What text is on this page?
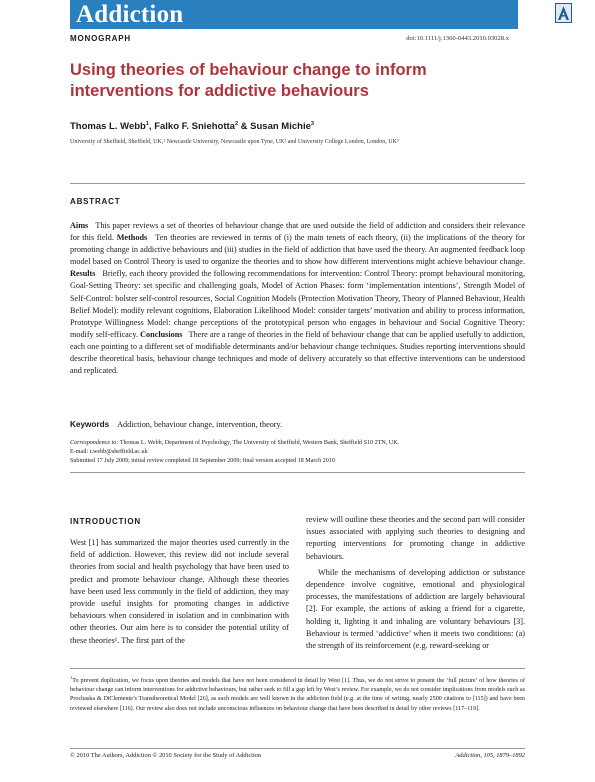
Addiction
MONOGRAPH	doi:10.1111/j.1360-0443.2010.03028.x
Using theories of behaviour change to inform interventions for addictive behaviours
Thomas L. Webb$^1$, Falko F. Sniehotta$^2$ & Susan Michie$^3$
University of Sheffield, Sheffield, UK,¹ Newcastle University, Newcastle upon Tyne, UK² and University College London, London, UK³
ABSTRACT

Aims This paper reviews a set of theories of behaviour change that are used outside the field of addiction and considers their relevance for this field. Methods Ten theories are reviewed in terms of (i) the main tenets of each theory, (ii) the implications of the theory for promoting change in addictive behaviours and (iii) studies in the field of addiction that have used the theory. An augmented feedback loop model based on Control Theory is used to organize the theories and to show how different interventions might achieve behaviour change. Results Briefly, each theory provided the following recommendations for intervention: Control Theory: prompt behavioural monitoring, Goal-Setting Theory: set specific and challenging goals, Model of Action Phases: form ‘implementation intentions’, Strength Model of Self-Control: bolster self-control resources, Social Cognition Models (Protection Motivation Theory, Theory of Planned Behaviour, Health Belief Model): modify relevant cognitions, Elaboration Likelihood Model: consider targets’ motivation and ability to process information, Prototype Willingness Model: change perceptions of the prototypical person who engages in behaviour and Social Cognitive Theory: modify self-efficacy. Conclusions There are a range of theories in the field of behaviour change that can be applied usefully to addiction, each one pointing to a different set of modifiable determinants and/or behaviour change techniques. Studies reporting interventions should describe theoretical basis, behaviour change techniques and mode of delivery accurately so that effective interventions can be understood and replicated.

Keywords Addiction, behaviour change, intervention, theory.
Correspondence to: Thomas L. Webb, Department of Psychology, The University of Sheffield, Western Bank, Sheffield S10 2TN, UK.
E-mail: t.webb@sheffield.ac.uk
Submitted 17 July 2009; initial review completed 18 September 2009; final version accepted 18 March 2010
INTRODUCTION

West [1] has summarized the major theories used currently in the field of addiction. However, this review did not include several theories from social and health psychology that have been used to predict and promote behaviour change. Although these theories have been used less commonly in the field of addiction, they may provide useful insights for promoting changes in addictive behaviours when considered in isolation and in combination with other theories. Our aim here is to consider the potential utility of these theories¹. The first part of the

review will outline these theories and the second part will consider issues associated with applying such theories to designing and reporting interventions for promoting change in addictive behaviours.

While the mechanisms of developing addiction or substance dependence involve cognitive, emotional and physiological processes, the manifestations of addiction are largely behavioural [2]. For example, the actions of asking a friend for a cigarette, holding it, lighting it and inhaling are voluntary behaviours [3]. Behaviour is termed ‘addictive’ when it meets two conditions: (a) the strength of its reinforcement (e.g. reward-seeking or

$^1$To prevent duplication, we focus upon theories and models that have not been considered in detail by West [1]. Thus, we do not strive to present the ‘full picture’ of how theories of behaviour change can inform interventions for addictive behaviours, but rather seek to fill a gap left by West’s review. For example, we do not consider implications from models such as Prochaska & DiClemente’s Transtheoretical Model [26], as such models are well known in the addiction field (e.g. at the time of writing, nearly 2500 citations to [115]) and have been reviewed elsewhere [116]. Our review also does not include unconscious influences on behaviour change that have been described in detail by other reviews [117–119].

© 2010 The Authors, Addiction © 2010 Society for the Study of Addiction	Addiction, 105, 1879–1892
